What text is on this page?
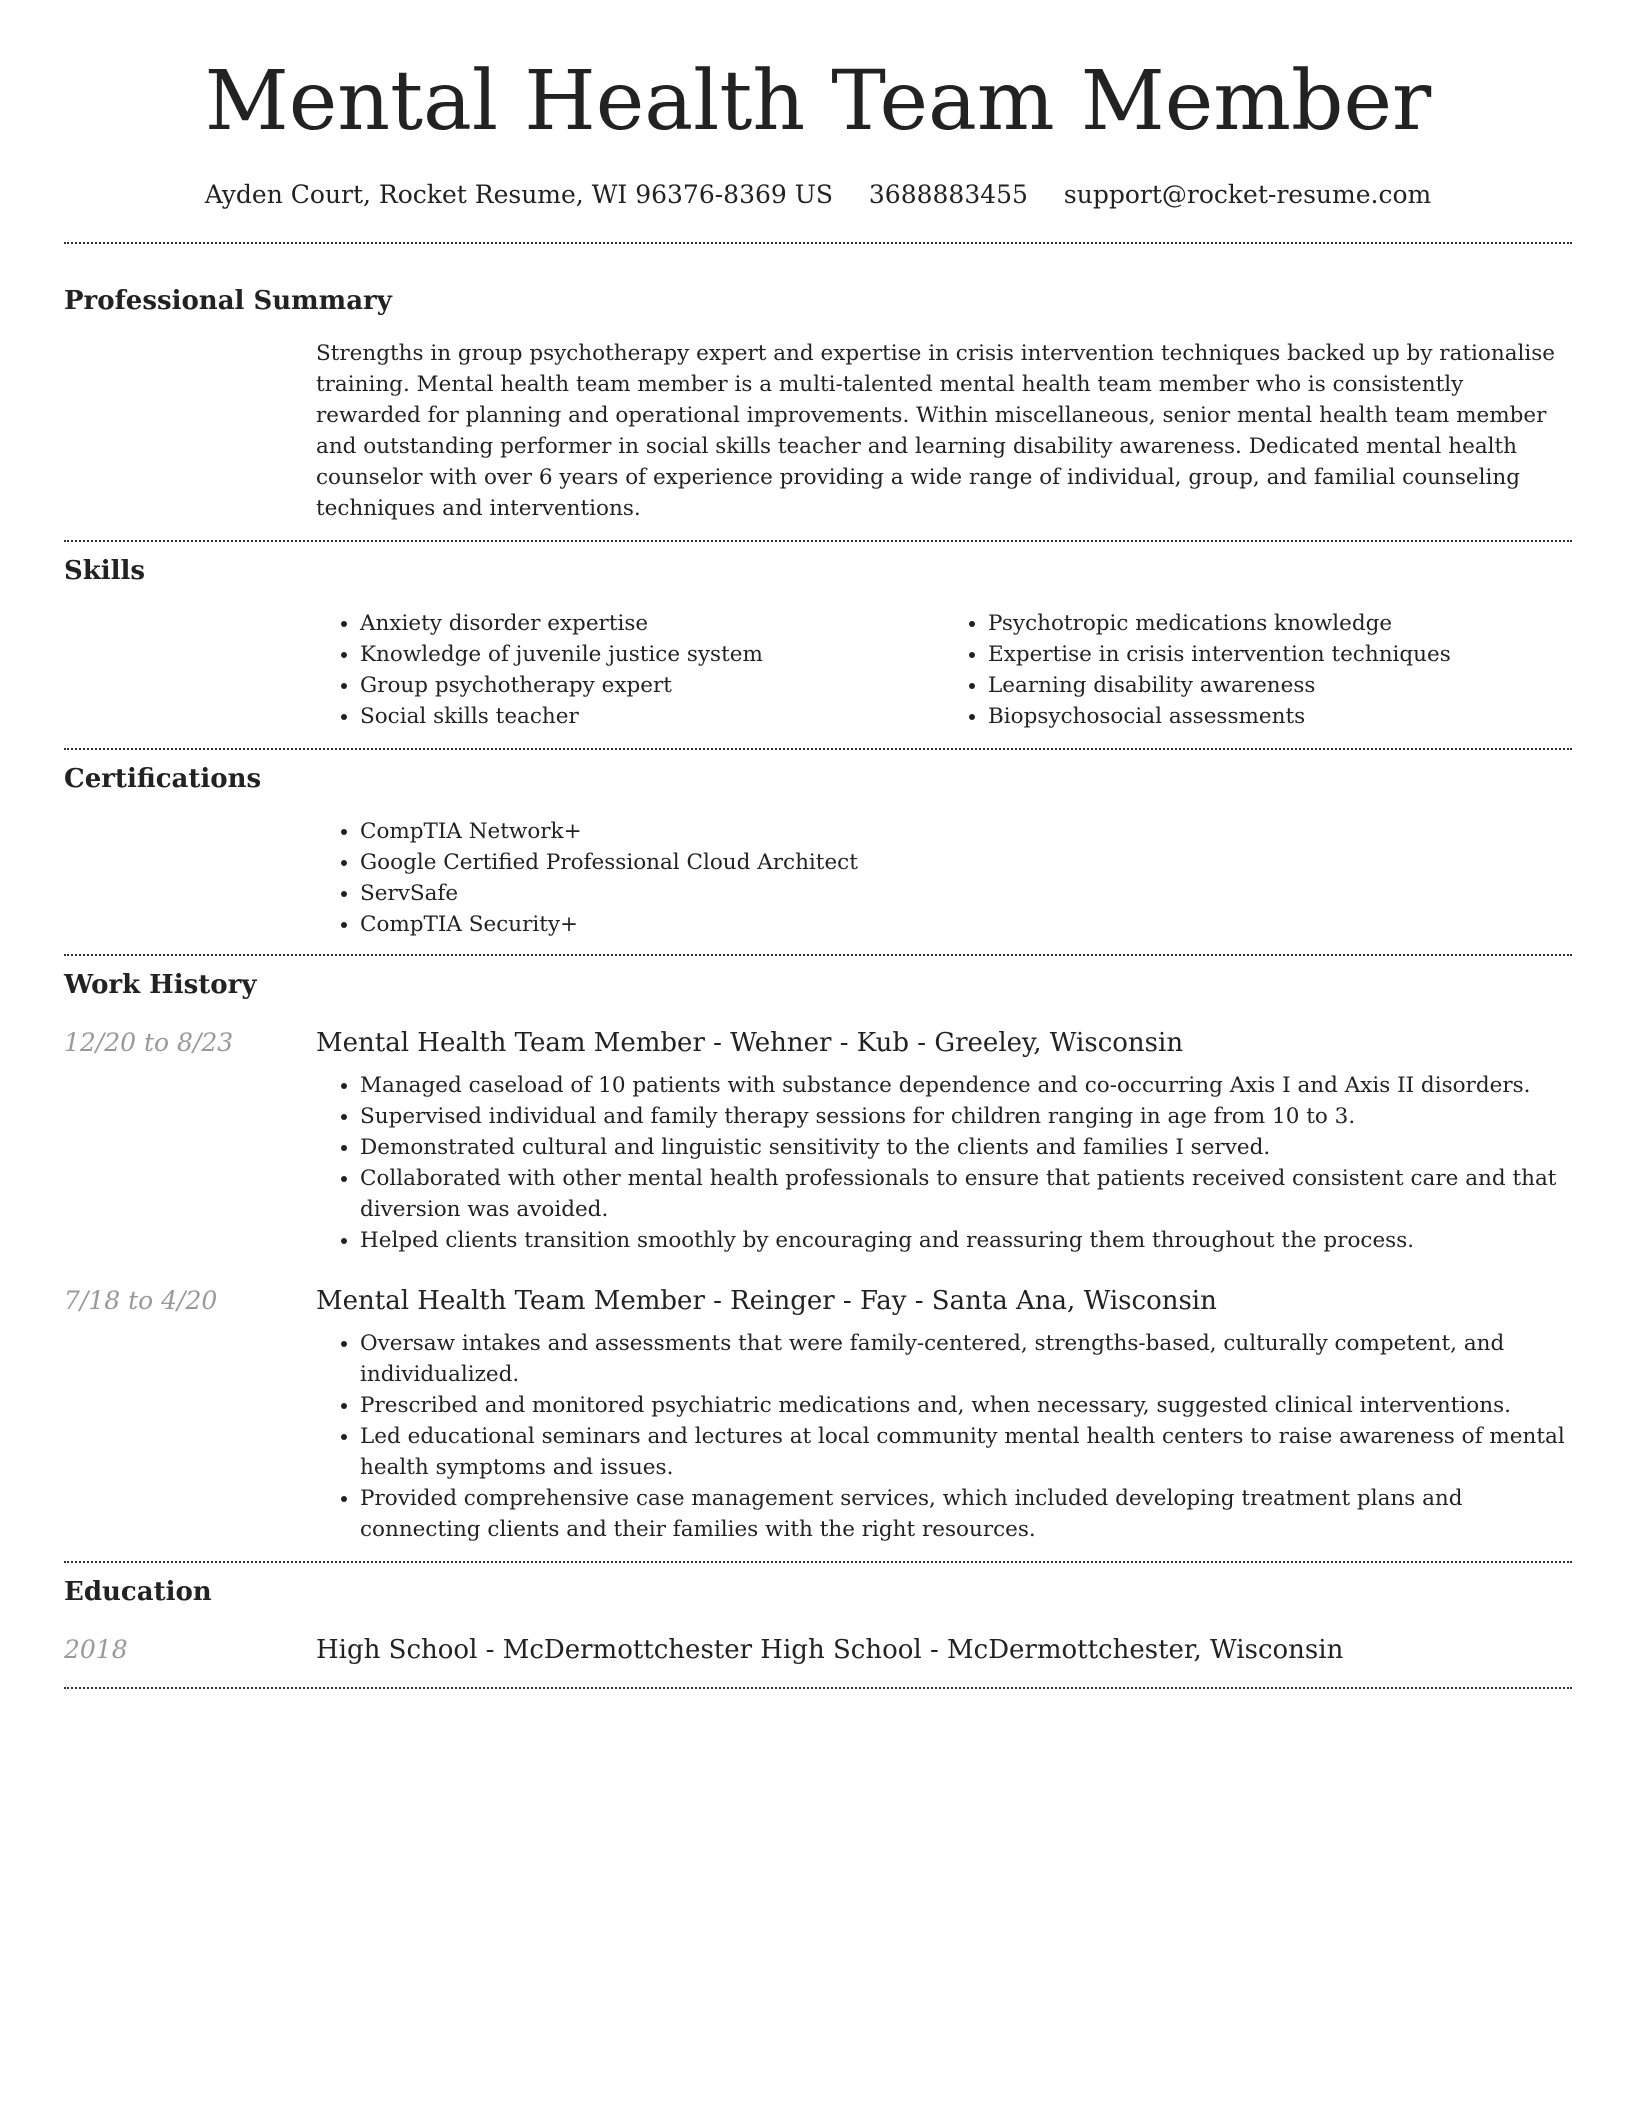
Mental Health Team Member
Ayden Court, Rocket Resume, WI 96376-8369 US 3688883455 support@rocket-resume.com
Professional Summary
Strengths in group psychotherapy expert and expertise in crisis intervention techniques backed up by rationalise training. Mental health team member is a multi-talented mental health team member who is consistently rewarded for planning and operational improvements. Within miscellaneous, senior mental health team member and outstanding performer in social skills teacher and learning disability awareness. Dedicated mental health counselor with over 6 years of experience providing a wide range of individual, group, and familial counseling techniques and interventions.
Skills
• Anxiety disorder expertise
• Knowledge of juvenile justice system
• Group psychotherapy expert
• Social skills teacher
• Psychotropic medications knowledge
• Expertise in crisis intervention techniques
• Learning disability awareness
• Biopsychosocial assessments
Certifications
• CompTIA Network+
• Google Certified Professional Cloud Architect
• ServSafe
• CompTIA Security+
Work History
12/20 to 8/23	Mental Health Team Member - Wehner - Kub - Greeley, Wisconsin
• Managed caseload of 10 patients with substance dependence and co-occurring Axis I and Axis II disorders.
• Supervised individual and family therapy sessions for children ranging in age from 10 to 3.
• Demonstrated cultural and linguistic sensitivity to the clients and families I served.
• Collaborated with other mental health professionals to ensure that patients received consistent care and that diversion was avoided.
• Helped clients transition smoothly by encouraging and reassuring them throughout the process.
7/18 to 4/20	Mental Health Team Member - Reinger - Fay - Santa Ana, Wisconsin
• Oversaw intakes and assessments that were family-centered, strengths-based, culturally competent, and individualized.
• Prescribed and monitored psychiatric medications and, when necessary, suggested clinical interventions.
• Led educational seminars and lectures at local community mental health centers to raise awareness of mental health symptoms and issues.
• Provided comprehensive case management services, which included developing treatment plans and connecting clients and their families with the right resources.
Education
2018	High School - McDermottchester High School - McDermottchester, Wisconsin
